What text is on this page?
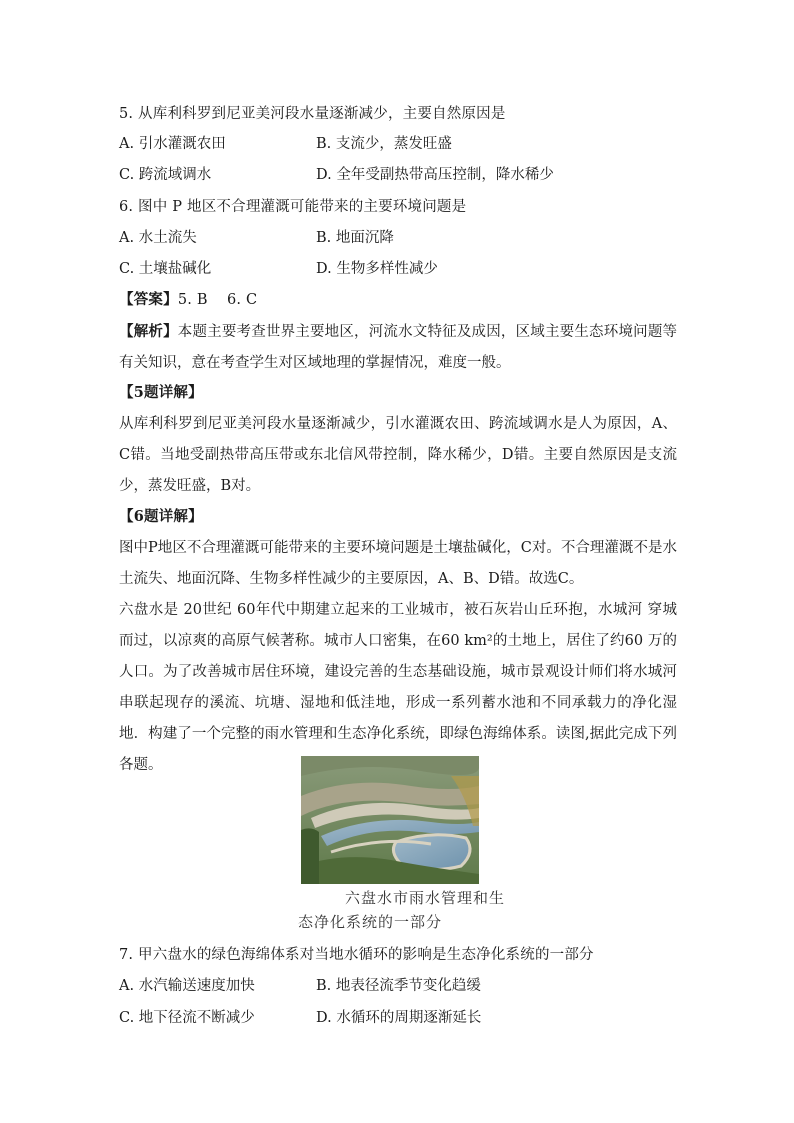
5. 从库利科罗到尼亚美河段水量逐渐减少，主要自然原因是
A. 引水灌溉农田	B. 支流少，蒸发旺盛
C. 跨流域调水	D. 全年受副热带高压控制，降水稀少
6. 图中 P 地区不合理灌溉可能带来的主要环境问题是
A. 水土流失	B. 地面沉降
C. 土壤盐碱化	D. 生物多样性减少
【答案】5. B    6. C
【解析】本题主要考查世界主要地区，河流水文特征及成因，区域主要生态环境问题等有关知识，意在考查学生对区域地理的掌握情况，难度一般。
【5题详解】
从库利科罗到尼亚美河段水量逐渐减少，引水灌溉农田、跨流域调水是人为原因，A、C错。当地受副热带高压带或东北信风带控制，降水稀少，D错。主要自然原因是支流少，蒸发旺盛，B对。
【6题详解】
图中P地区不合理灌溉可能带来的主要环境问题是土壤盐碱化，C对。不合理灌溉不是水土流失、地面沉降、生物多样性减少的主要原因，A、B、D错。故选C。
六盘水是 20世纪 60年代中期建立起来的工业城市，被石灰岩山丘环抱，水城河 穿城而过，以凉爽的高原气候著称。城市人口密集，在60 km²的土地上，居住了约60 万的人口。为了改善城市居住环境，建设完善的生态基础设施，城市景观设计师们将水城河串联起现存的溪流、坑塘、湿地和低洼地，形成一系列蓄水池和不同承载力的净化湿地．构建了一个完整的雨水管理和生态净化系统，即绿色海绵体系。读图,据此完成下列各题。
六盘水市雨水管理和生
态净化系统的一部分
7. 甲六盘水的绿色海绵体系对当地水循环的影响是生态净化系统的一部分
A. 水汽输送速度加快	B. 地表径流季节变化趋缓
C. 地下径流不断减少	D. 水循环的周期逐渐延长
